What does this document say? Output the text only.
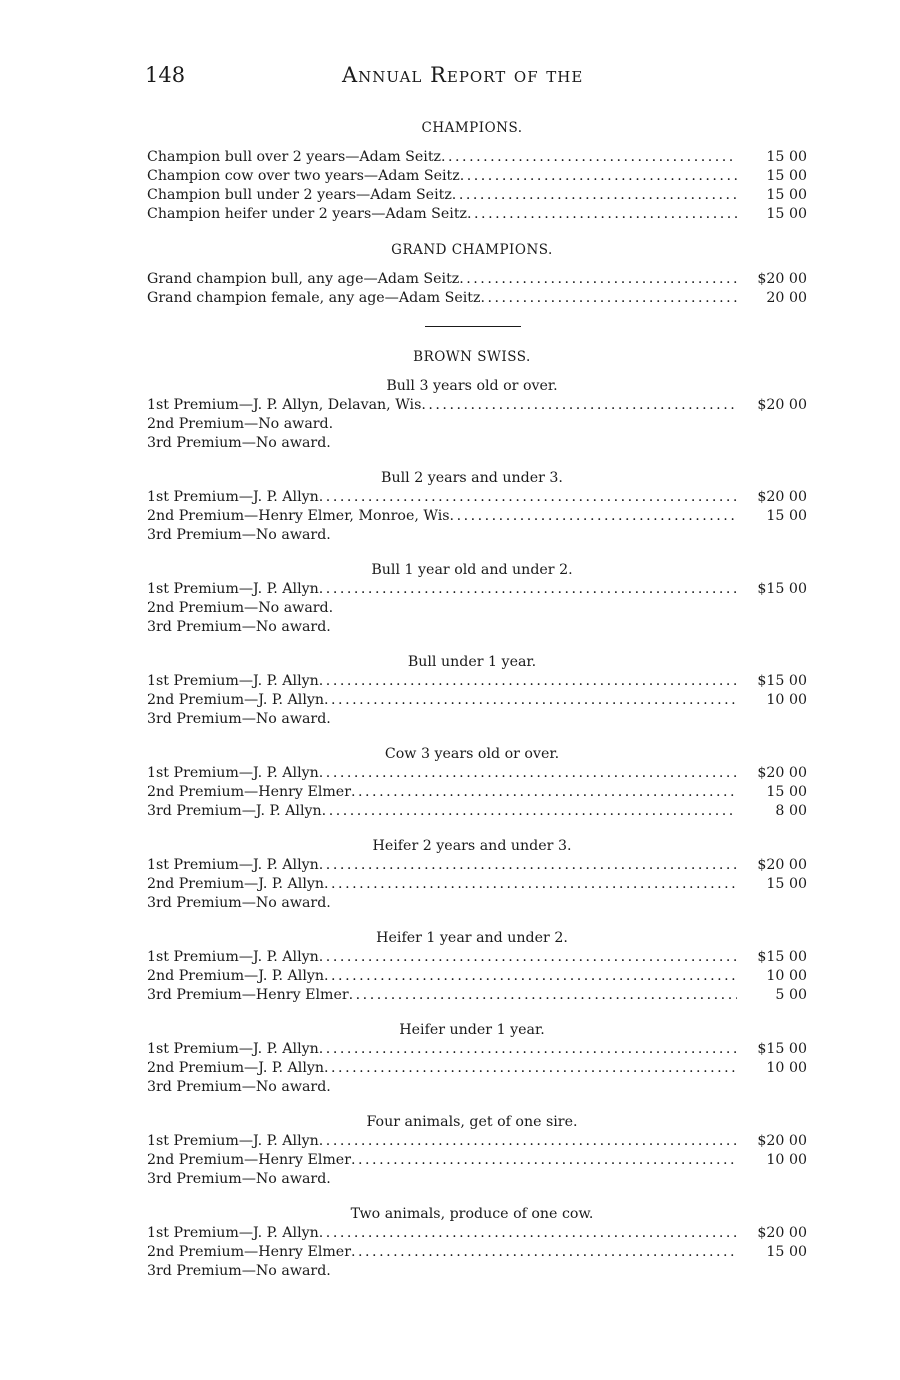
148	Annual Report of the
CHAMPIONS.
Champion bull over 2 years—Adam Seitz . . .	15 00
Champion cow over two years—Adam Seitz . . .	15 00
Champion bull under 2 years—Adam Seitz . . .	15 00
Champion heifer under 2 years—Adam Seitz . . .	15 00
GRAND CHAMPIONS.
Grand champion bull, any age—Adam Seitz . . .	$20 00
Grand champion female, any age—Adam Seitz . . .	20 00
BROWN SWISS.
Bull 3 years old or over.
1st Premium—J. P. Allyn, Delavan, Wis . . .	$20 00
2nd Premium—No award.
3rd Premium—No award.
Bull 2 years and under 3.
1st Premium—J. P. Allyn . . .	$20 00
2nd Premium—Henry Elmer, Monroe, Wis . . .	15 00
3rd Premium—No award.
Bull 1 year old and under 2.
1st Premium—J. P. Allyn . . .	$15 00
2nd Premium—No award.
3rd Premium—No award.
Bull under 1 year.
1st Premium—J. P. Allyn . . .	$15 00
2nd Premium—J. P. Allyn . . .	10 00
3rd Premium—No award.
Cow 3 years old or over.
1st Premium—J. P. Allyn . . .	$20 00
2nd Premium—Henry Elmer . . .	15 00
3rd Premium—J. P. Allyn . . .	8 00
Heifer 2 years and under 3.
1st Premium—J. P. Allyn . . .	$20 00
2nd Premium—J. P. Allyn . . .	15 00
3rd Premium—No award.
Heifer 1 year and under 2.
1st Premium—J. P. Allyn . . .	$15 00
2nd Premium—J. P. Allyn . . .	10 00
3rd Premium—Henry Elmer . . .	5 00
Heifer under 1 year.
1st Premium—J. P. Allyn . . .	$15 00
2nd Premium—J. P. Allyn . . .	10 00
3rd Premium—No award.
Four animals, get of one sire.
1st Premium—J. P. Allyn . . .	$20 00
2nd Premium—Henry Elmer . . .	10 00
3rd Premium—No award.
Two animals, produce of one cow.
1st Premium—J. P. Allyn . . .	$20 00
2nd Premium—Henry Elmer . . .	15 00
3rd Premium—No award.
